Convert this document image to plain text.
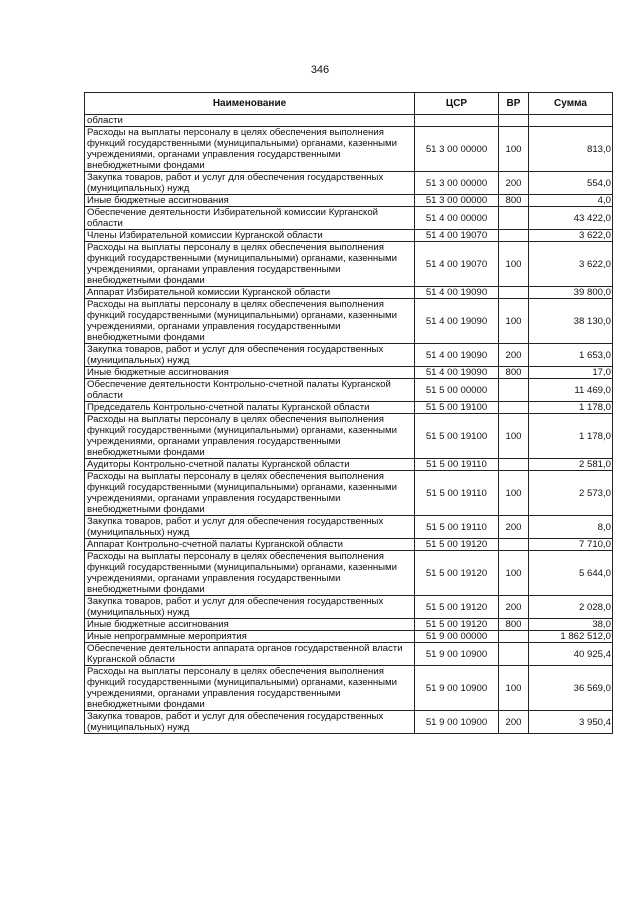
346
Наименование	ЦСР	ВР	Сумма
области			
Расходы на выплаты персоналу в целях обеспечения выполнения функций государственными (муниципальными) органами, казенными учреждениями, органами управления государственными внебюджетными фондами	51 3 00 00000	100	813,0
Закупка товаров, работ и услуг для обеспечения государственных (муниципальных) нужд	51 3 00 00000	200	554,0
Иные бюджетные ассигнования	51 3 00 00000	800	4,0
Обеспечение деятельности Избирательной комиссии Курганской области	51 4 00 00000		43 422,0
Члены Избирательной комиссии Курганской области	51 4 00 19070		3 622,0
Расходы на выплаты персоналу в целях обеспечения выполнения функций государственными (муниципальными) органами, казенными учреждениями, органами управления государственными внебюджетными фондами	51 4 00 19070	100	3 622,0
Аппарат Избирательной комиссии Курганской области	51 4 00 19090		39 800,0
Расходы на выплаты персоналу в целях обеспечения выполнения функций государственными (муниципальными) органами, казенными учреждениями, органами управления государственными внебюджетными фондами	51 4 00 19090	100	38 130,0
Закупка товаров, работ и услуг для обеспечения государственных (муниципальных) нужд	51 4 00 19090	200	1 653,0
Иные бюджетные ассигнования	51 4 00 19090	800	17,0
Обеспечение деятельности Контрольно-счетной палаты Курганской области	51 5 00 00000		11 469,0
Председатель Контрольно-счетной палаты Курганской области	51 5 00 19100		1 178,0
Расходы на выплаты персоналу в целях обеспечения выполнения функций государственными (муниципальными) органами, казенными учреждениями, органами управления государственными внебюджетными фондами	51 5 00 19100	100	1 178,0
Аудиторы Контрольно-счетной палаты Курганской области	51 5 00 19110		2 581,0
Расходы на выплаты персоналу в целях обеспечения выполнения функций государственными (муниципальными) органами, казенными учреждениями, органами управления государственными внебюджетными фондами	51 5 00 19110	100	2 573,0
Закупка товаров, работ и услуг для обеспечения государственных (муниципальных) нужд	51 5 00 19110	200	8,0
Аппарат Контрольно-счетной палаты Курганской области	51 5 00 19120		7 710,0
Расходы на выплаты персоналу в целях обеспечения выполнения функций государственными (муниципальными) органами, казенными учреждениями, органами управления государственными внебюджетными фондами	51 5 00 19120	100	5 644,0
Закупка товаров, работ и услуг для обеспечения государственных (муниципальных) нужд	51 5 00 19120	200	2 028,0
Иные бюджетные ассигнования	51 5 00 19120	800	38,0
Иные непрограммные мероприятия	51 9 00 00000		1 862 512,0
Обеспечение деятельности аппарата органов государственной власти Курганской области	51 9 00 10900		40 925,4
Расходы на выплаты персоналу в целях обеспечения выполнения функций государственными (муниципальными) органами, казенными учреждениями, органами управления государственными внебюджетными фондами	51 9 00 10900	100	36 569,0
Закупка товаров, работ и услуг для обеспечения государственных (муниципальных) нужд	51 9 00 10900	200	3 950,4
